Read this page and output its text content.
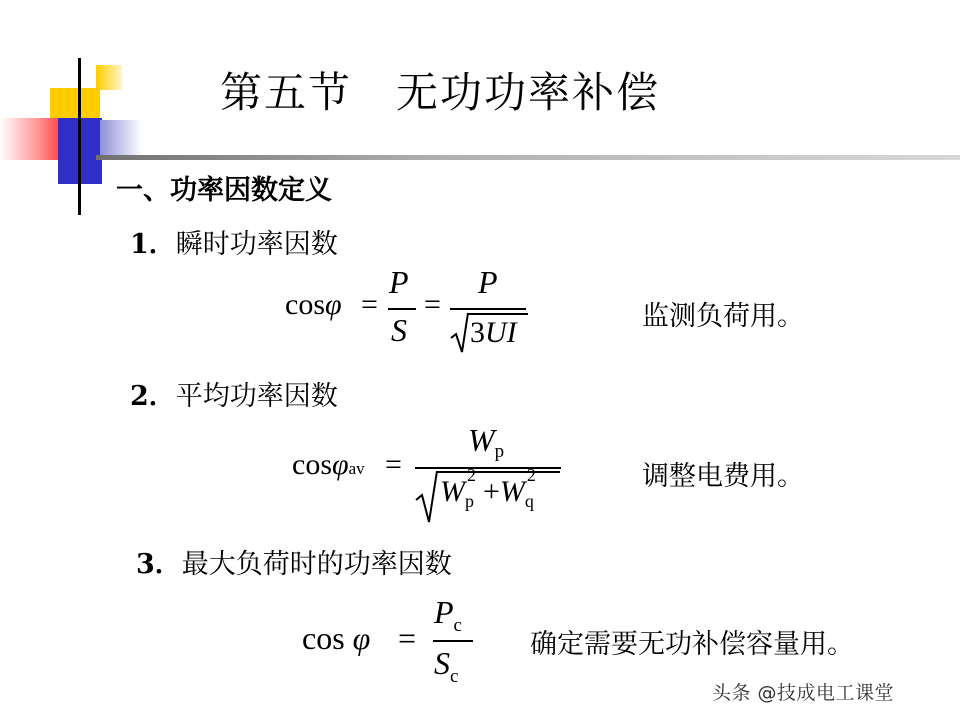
第五节　无功功率补偿
一、功率因数定义
1．瞬时功率因数
cosφ =
P
S
=
P
3UI	监测负荷用。
2．平均功率因数
cosφav =
Wp
W 2
p +W 2
q
调整电费用。
3．最大负荷时的功率因数
cos φ =
$P_c$
$S_c$
确定需要无功补偿容量用。
头条 @技成电工课堂
